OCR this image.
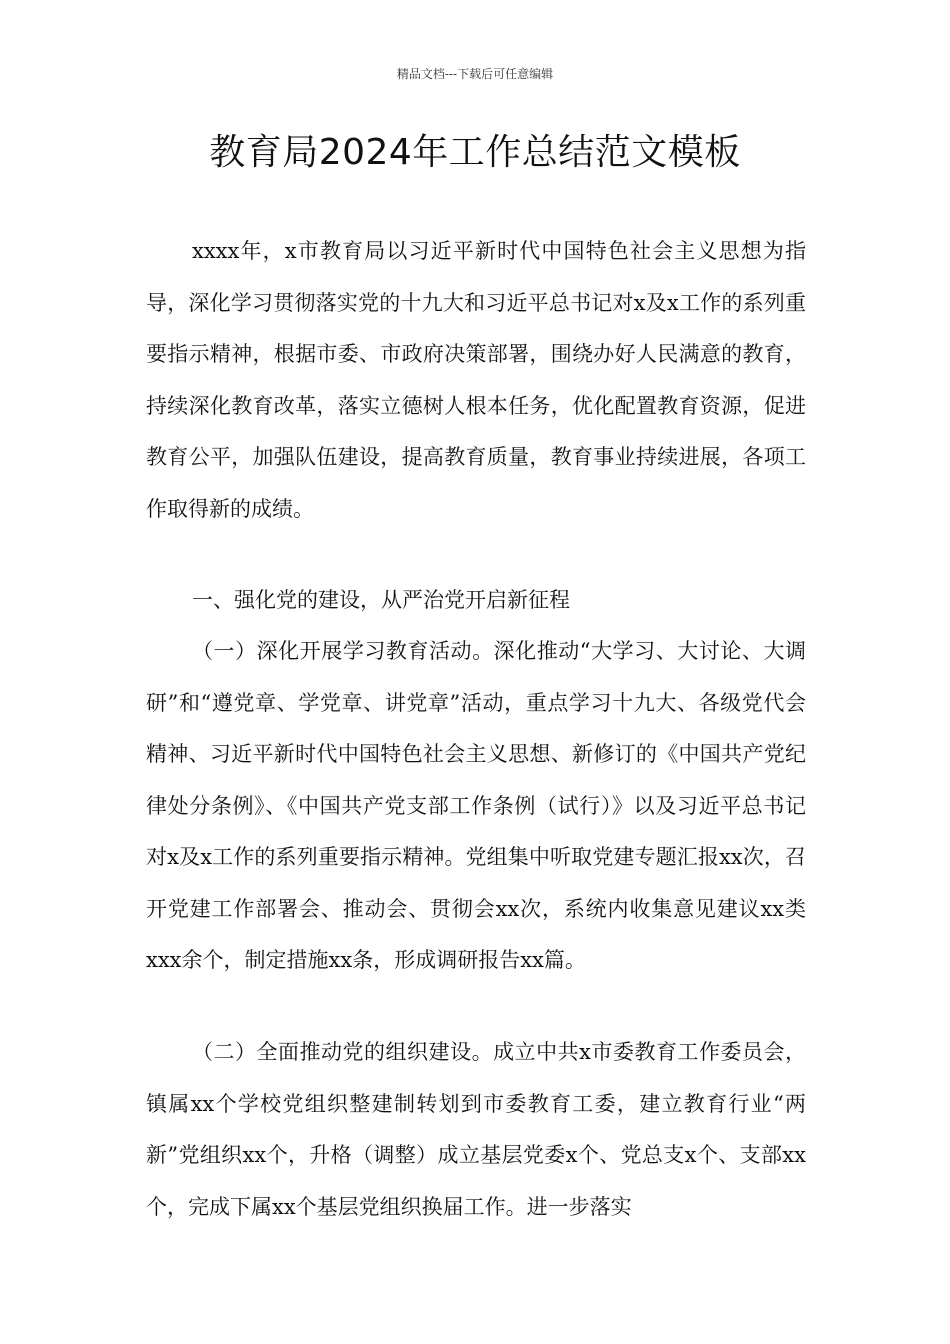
精品文档---下载后可任意编辑
教育局2024年工作总结范文模板

xxxx年，x市教育局以习近平新时代中国特色社会主义思想为指导，深化学习贯彻落实党的十九大和习近平总书记对x及x工作的系列重要指示精神，根据市委、市政府决策部署，围绕办好人民满意的教育，持续深化教育改革，落实立德树人根本任务，优化配置教育资源，促进教育公平，加强队伍建设，提高教育质量，教育事业持续进展，各项工作取得新的成绩。

一、强化党的建设，从严治党开启新征程

（一）深化开展学习教育活动。深化推动“大学习、大讨论、大调研”和“遵党章、学党章、讲党章”活动，重点学习十九大、各级党代会精神、习近平新时代中国特色社会主义思想、新修订的《中国共产党纪律处分条例》、《中国共产党支部工作条例（试行）》以及习近平总书记对x及x工作的系列重要指示精神。党组集中听取党建专题汇报xx次，召开党建工作部署会、推动会、贯彻会xx次，系统内收集意见建议xx类xxx余个，制定措施xx条，形成调研报告xx篇。

（二）全面推动党的组织建设。成立中共x市委教育工作委员会，镇属xx个学校党组织整建制转划到市委教育工委，建立教育行业“两新”党组织xx个，升格（调整）成立基层党委x个、党总支x个、支部xx个，完成下属xx个基层党组织换届工作。进一步落实
